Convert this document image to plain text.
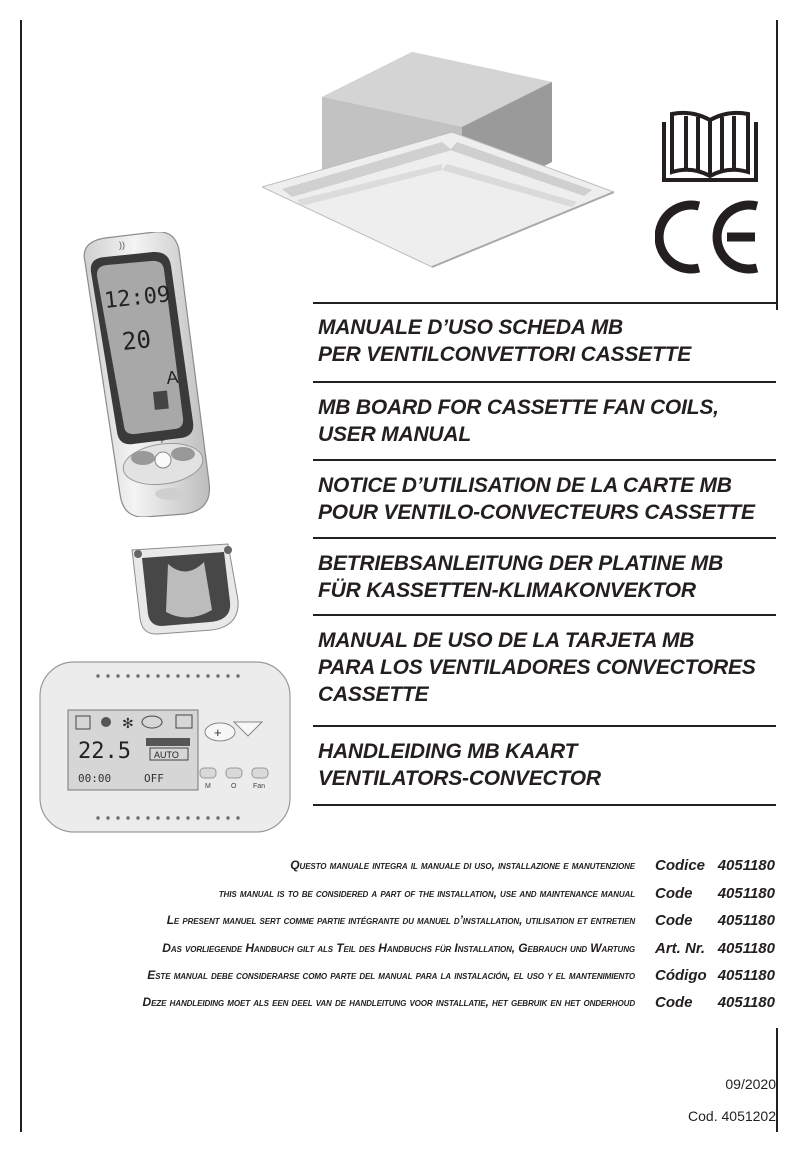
))
12:09
20
A
+
✻
22.5	AUTO
00:00	OFF
+
M	O Fan
MANUALE D’USO SCHEDA MB
PER VENTILCONVETTORI CASSETTE
MB BOARD FOR CASSETTE FAN COILS,
USER MANUAL
NOTICE D’UTILISATION DE LA CARTE MB
POUR VENTILO-CONVECTEURS CASSETTE
BETRIEBSANLEITUNG DER PLATINE MB
FÜR KASSETTEN-KLIMAKONVEKTOR
MANUAL DE USO DE LA TARJETA MB
PARA LOS VENTILADORES CONVECTORES
CASSETTE
HANDLEIDING MB KAART
VENTILATORS-CONVECTOR
Questo manuale integra il manuale di uso, installazione e manutenzione Codice 4051180
this manual is to be considered a part of the installation, use and maintenance manual Code 4051180
Le present manuel sert comme partie intégrante du manuel d’installation, utilisation et entretien Code 4051180
Das vorliegende Handbuch gilt als Teil des Handbuchs für Installation, Gebrauch und Wartung Art. Nr. 4051180
Este manual debe considerarse como parte del manual para la instalación, el uso y el mantenimiento Código 4051180
Deze handleiding moet als een deel van de handleitung voor installatie, het gebruik en het onderhoud Code 4051180
09/2020
Cod. 4051202
